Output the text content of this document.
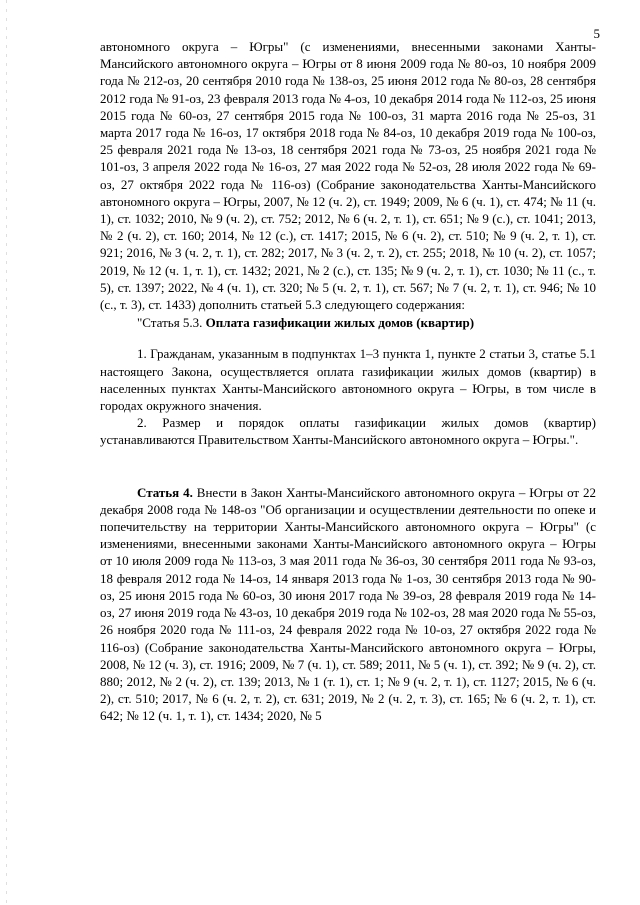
5

автономного округа – Югры" (с изменениями, внесенными законами Ханты-Мансийского автономного округа – Югры от 8 июня 2009 года № 80-оз, 10 ноября 2009 года № 212-оз, 20 сентября 2010 года № 138-оз, 25 июня 2012 года № 80-оз, 28 сентября 2012 года № 91-оз, 23 февраля 2013 года № 4-оз, 10 декабря 2014 года № 112-оз, 25 июня 2015 года № 60-оз, 27 сентября 2015 года № 100-оз, 31 марта 2016 года № 25-оз, 31 марта 2017 года № 16-оз, 17 октября 2018 года № 84-оз, 10 декабря 2019 года № 100-оз, 25 февраля 2021 года № 13-оз, 18 сентября 2021 года № 73-оз, 25 ноября 2021 года № 101-оз, 3 апреля 2022 года № 16-оз, 27 мая 2022 года № 52-оз, 28 июля 2022 года № 69-оз, 27 октября 2022 года № 116-оз) (Собрание законодательства Ханты-Мансийского автономного округа – Югры, 2007, № 12 (ч. 2), ст. 1949; 2009, № 6 (ч. 1), ст. 474; № 11 (ч. 1), ст. 1032; 2010, № 9 (ч. 2), ст. 752; 2012, № 6 (ч. 2, т. 1), ст. 651; № 9 (с.), ст. 1041; 2013, № 2 (ч. 2), ст. 160; 2014, № 12 (с.), ст. 1417; 2015, № 6 (ч. 2), ст. 510; № 9 (ч. 2, т. 1), ст. 921; 2016, № 3 (ч. 2, т. 1), ст. 282; 2017, № 3 (ч. 2, т. 2), ст. 255; 2018, № 10 (ч. 2), ст. 1057; 2019, № 12 (ч. 1, т. 1), ст. 1432; 2021, № 2 (с.), ст. 135; № 9 (ч. 2, т. 1), ст. 1030; № 11 (с., т. 5), ст. 1397; 2022, № 4 (ч. 1), ст. 320; № 5 (ч. 2, т. 1), ст. 567; № 7 (ч. 2, т. 1), ст. 946; № 10 (с., т. 3), ст. 1433) дополнить статьей 5.3 следующего содержания:

"Статья 5.3. Оплата газификации жилых домов (квартир)

1. Гражданам, указанным в подпунктах 1–3 пункта 1, пункте 2 статьи 3, статье 5.1 настоящего Закона, осуществляется оплата газификации жилых домов (квартир) в населенных пунктах Ханты-Мансийского автономного округа – Югры, в том числе в городах окружного значения.

2. Размер и порядок оплаты газификации жилых домов (квартир) устанавливаются Правительством Ханты-Мансийского автономного округа – Югры.".

Статья 4. Внести в Закон Ханты-Мансийского автономного округа – Югры от 22 декабря 2008 года № 148-оз "Об организации и осуществлении деятельности по опеке и попечительству на территории Ханты-Мансийского автономного округа – Югры" (с изменениями, внесенными законами Ханты-Мансийского автономного округа – Югры от 10 июля 2009 года № 113-оз, 3 мая 2011 года № 36-оз, 30 сентября 2011 года № 93-оз, 18 февраля 2012 года № 14-оз, 14 января 2013 года № 1-оз, 30 сентября 2013 года № 90-оз, 25 июня 2015 года № 60-оз, 30 июня 2017 года № 39-оз, 28 февраля 2019 года № 14-оз, 27 июня 2019 года № 43-оз, 10 декабря 2019 года № 102-оз, 28 мая 2020 года № 55-оз, 26 ноября 2020 года № 111-оз, 24 февраля 2022 года № 10-оз, 27 октября 2022 года № 116-оз) (Собрание законодательства Ханты-Мансийского автономного округа – Югры, 2008, № 12 (ч. 3), ст. 1916; 2009, № 7 (ч. 1), ст. 589; 2011, № 5 (ч. 1), ст. 392; № 9 (ч. 2), ст. 880; 2012, № 2 (ч. 2), ст. 139; 2013, № 1 (т. 1), ст. 1; № 9 (ч. 2, т. 1), ст. 1127; 2015, № 6 (ч. 2), ст. 510; 2017, № 6 (ч. 2, т. 2), ст. 631; 2019, № 2 (ч. 2, т. 3), ст. 165; № 6 (ч. 2, т. 1), ст. 642; № 12 (ч. 1, т. 1), ст. 1434; 2020, № 5
